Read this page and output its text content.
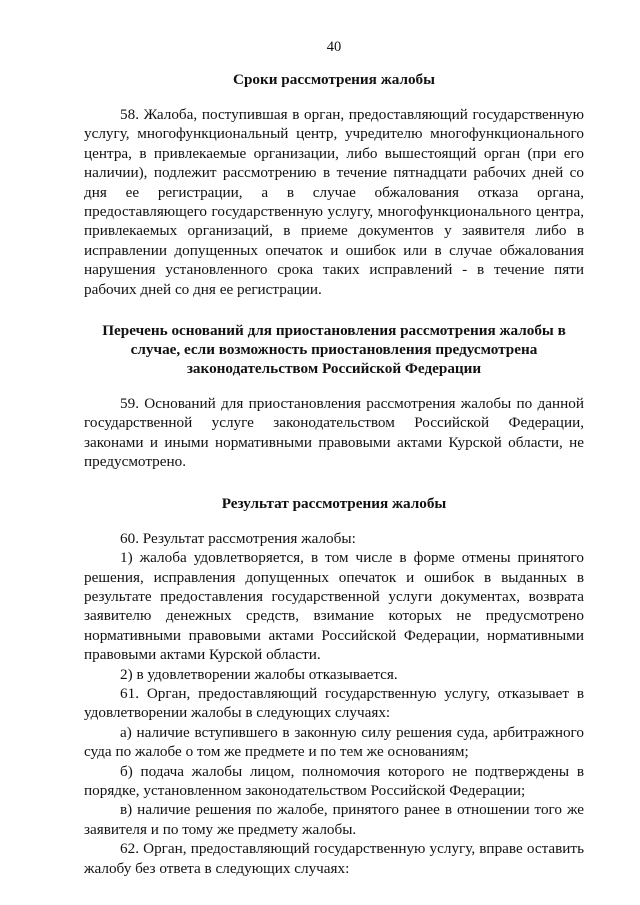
40
Сроки рассмотрения жалобы

58. Жалоба, поступившая в орган, предоставляющий государственную услугу, многофункциональный центр, учредителю многофункционального центра, в привлекаемые организации, либо вышестоящий орган (при его наличии), подлежит рассмотрению в течение пятнадцати рабочих дней со дня ее регистрации, а в случае обжалования отказа органа, предоставляющего государственную услугу, многофункционального центра, привлекаемых организаций, в приеме документов у заявителя либо в исправлении допущенных опечаток и ошибок или в случае обжалования нарушения установленного срока таких исправлений - в течение пяти рабочих дней со дня ее регистрации.

Перечень оснований для приостановления рассмотрения жалобы в
случае, если возможность приостановления предусмотрена
законодательством Российской Федерации

59. Оснований для приостановления рассмотрения жалобы по данной государственной услуге законодательством Российской Федерации, законами и иными нормативными правовыми актами Курской области, не предусмотрено.

Результат рассмотрения жалобы

60. Результат рассмотрения жалобы:

1) жалоба удовлетворяется, в том числе в форме отмены принятого решения, исправления допущенных опечаток и ошибок в выданных в результате предоставления государственной услуги документах, возврата заявителю денежных средств, взимание которых не предусмотрено нормативными правовыми актами Российской Федерации, нормативными правовыми актами Курской области.

2) в удовлетворении жалобы отказывается.

61. Орган, предоставляющий государственную услугу, отказывает в удовлетворении жалобы в следующих случаях:

а) наличие вступившего в законную силу решения суда, арбитражного суда по жалобе о том же предмете и по тем же основаниям;

б) подача жалобы лицом, полномочия которого не подтверждены в порядке, установленном законодательством Российской Федерации;

в) наличие решения по жалобе, принятого ранее в отношении того же заявителя и по тому же предмету жалобы.

62. Орган, предоставляющий государственную услугу, вправе оставить жалобу без ответа в следующих случаях:
